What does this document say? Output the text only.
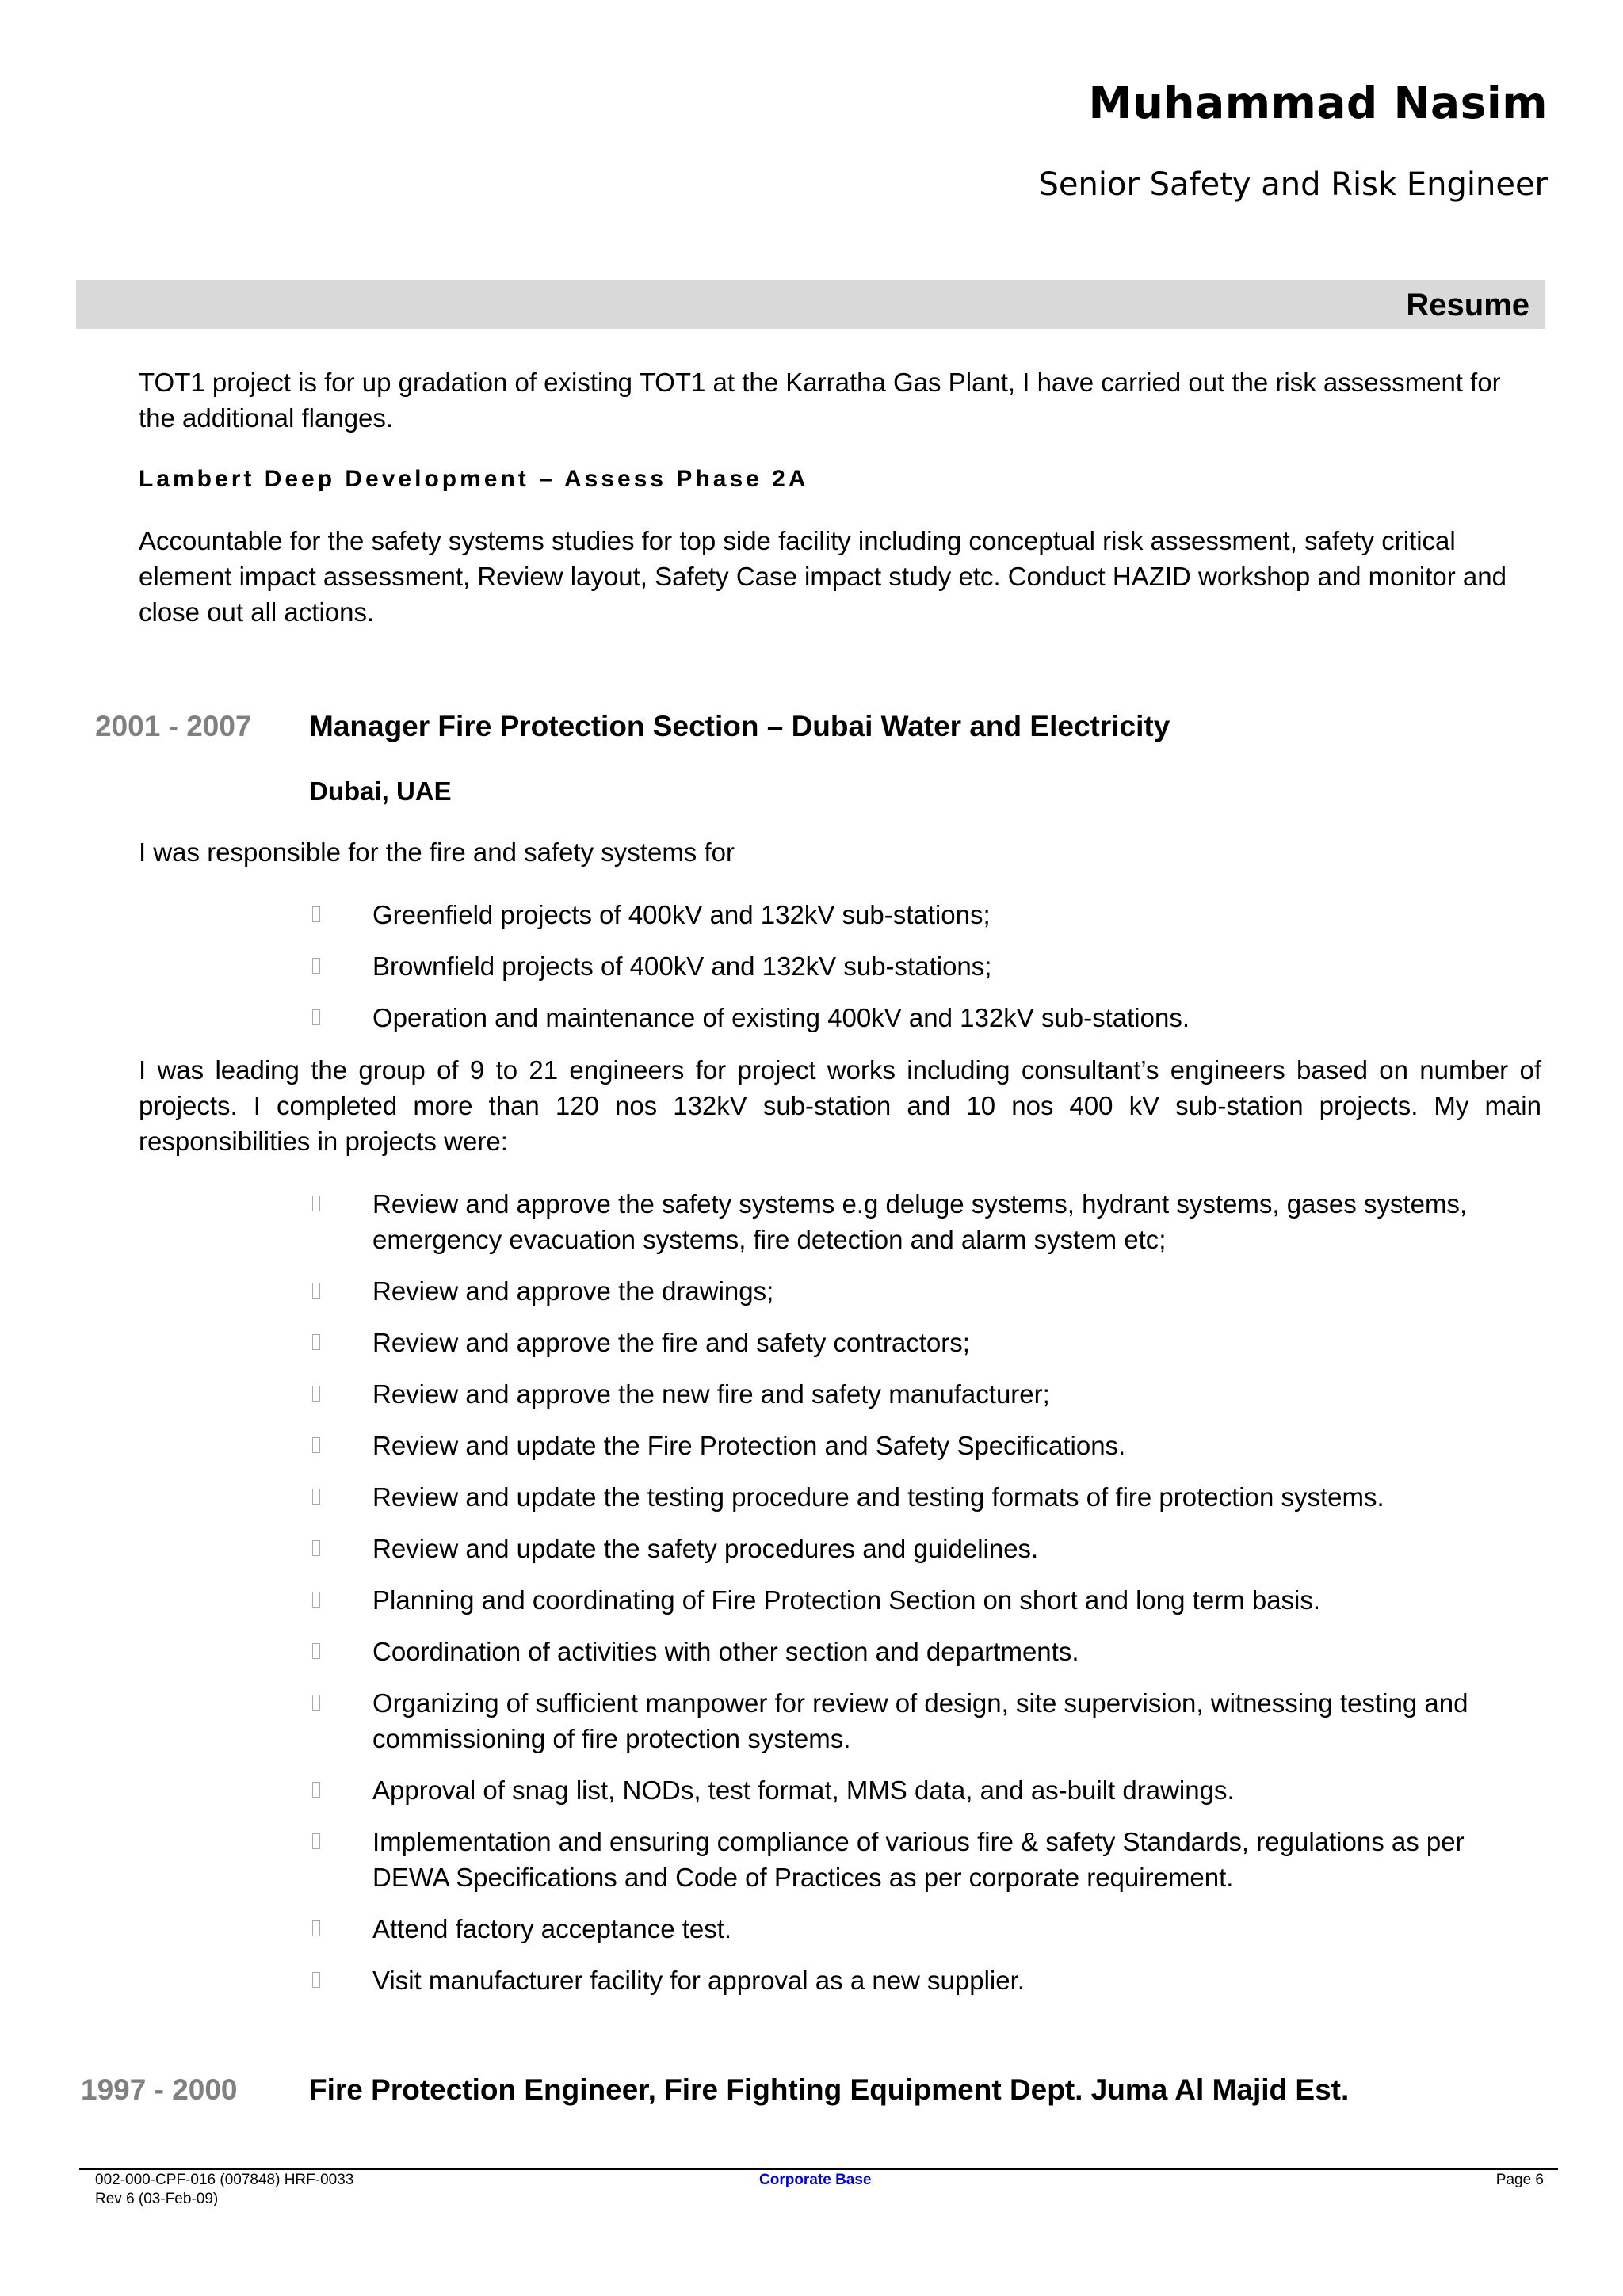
Muhammad Nasim
Senior Safety and Risk Engineer
Resume
TOT1 project is for up gradation of existing TOT1 at the Karratha Gas Plant, I have carried out the risk assessment for the additional flanges.
Lambert Deep Development – Assess Phase 2A
Accountable for the safety systems studies for top side facility including conceptual risk assessment, safety critical element impact assessment, Review layout, Safety Case impact study etc. Conduct HAZID workshop and monitor and close out all actions.
2001 - 2007 Manager Fire Protection Section – Dubai Water and Electricity
Dubai, UAE
I was responsible for the fire and safety systems for
Greenfield projects of 400kV and 132kV sub-stations;
Brownfield projects of 400kV and 132kV sub-stations;
Operation and maintenance of existing 400kV and 132kV sub-stations.
I was leading the group of 9 to 21 engineers for project works including consultant’s engineers based on number of projects. I completed more than 120 nos 132kV sub-station and 10 nos 400 kV sub-station projects. My main responsibilities in projects were:
Review and approve the safety systems e.g deluge systems, hydrant systems, gases systems, emergency evacuation systems, fire detection and alarm system etc;
Review and approve the drawings;
Review and approve the fire and safety contractors;
Review and approve the new fire and safety manufacturer;
Review and update the Fire Protection and Safety Specifications.
Review and update the testing procedure and testing formats of fire protection systems.
Review and update the safety procedures and guidelines.
Planning and coordinating of Fire Protection Section on short and long term basis.
Coordination of activities with other section and departments.
Organizing of sufficient manpower for review of design, site supervision, witnessing testing and commissioning of fire protection systems.
Approval of snag list, NODs, test format, MMS data, and as-built drawings.
Implementation and ensuring compliance of various fire & safety Standards, regulations as per DEWA Specifications and Code of Practices as per corporate requirement.
Attend factory acceptance test.
Visit manufacturer facility for approval as a new supplier.
1997 - 2000 Fire Protection Engineer, Fire Fighting Equipment Dept. Juma Al Majid Est.
002-000-CPF-016 (007848) HRF-0033
Rev 6 (03-Feb-09)
Corporate Base	Page 6
